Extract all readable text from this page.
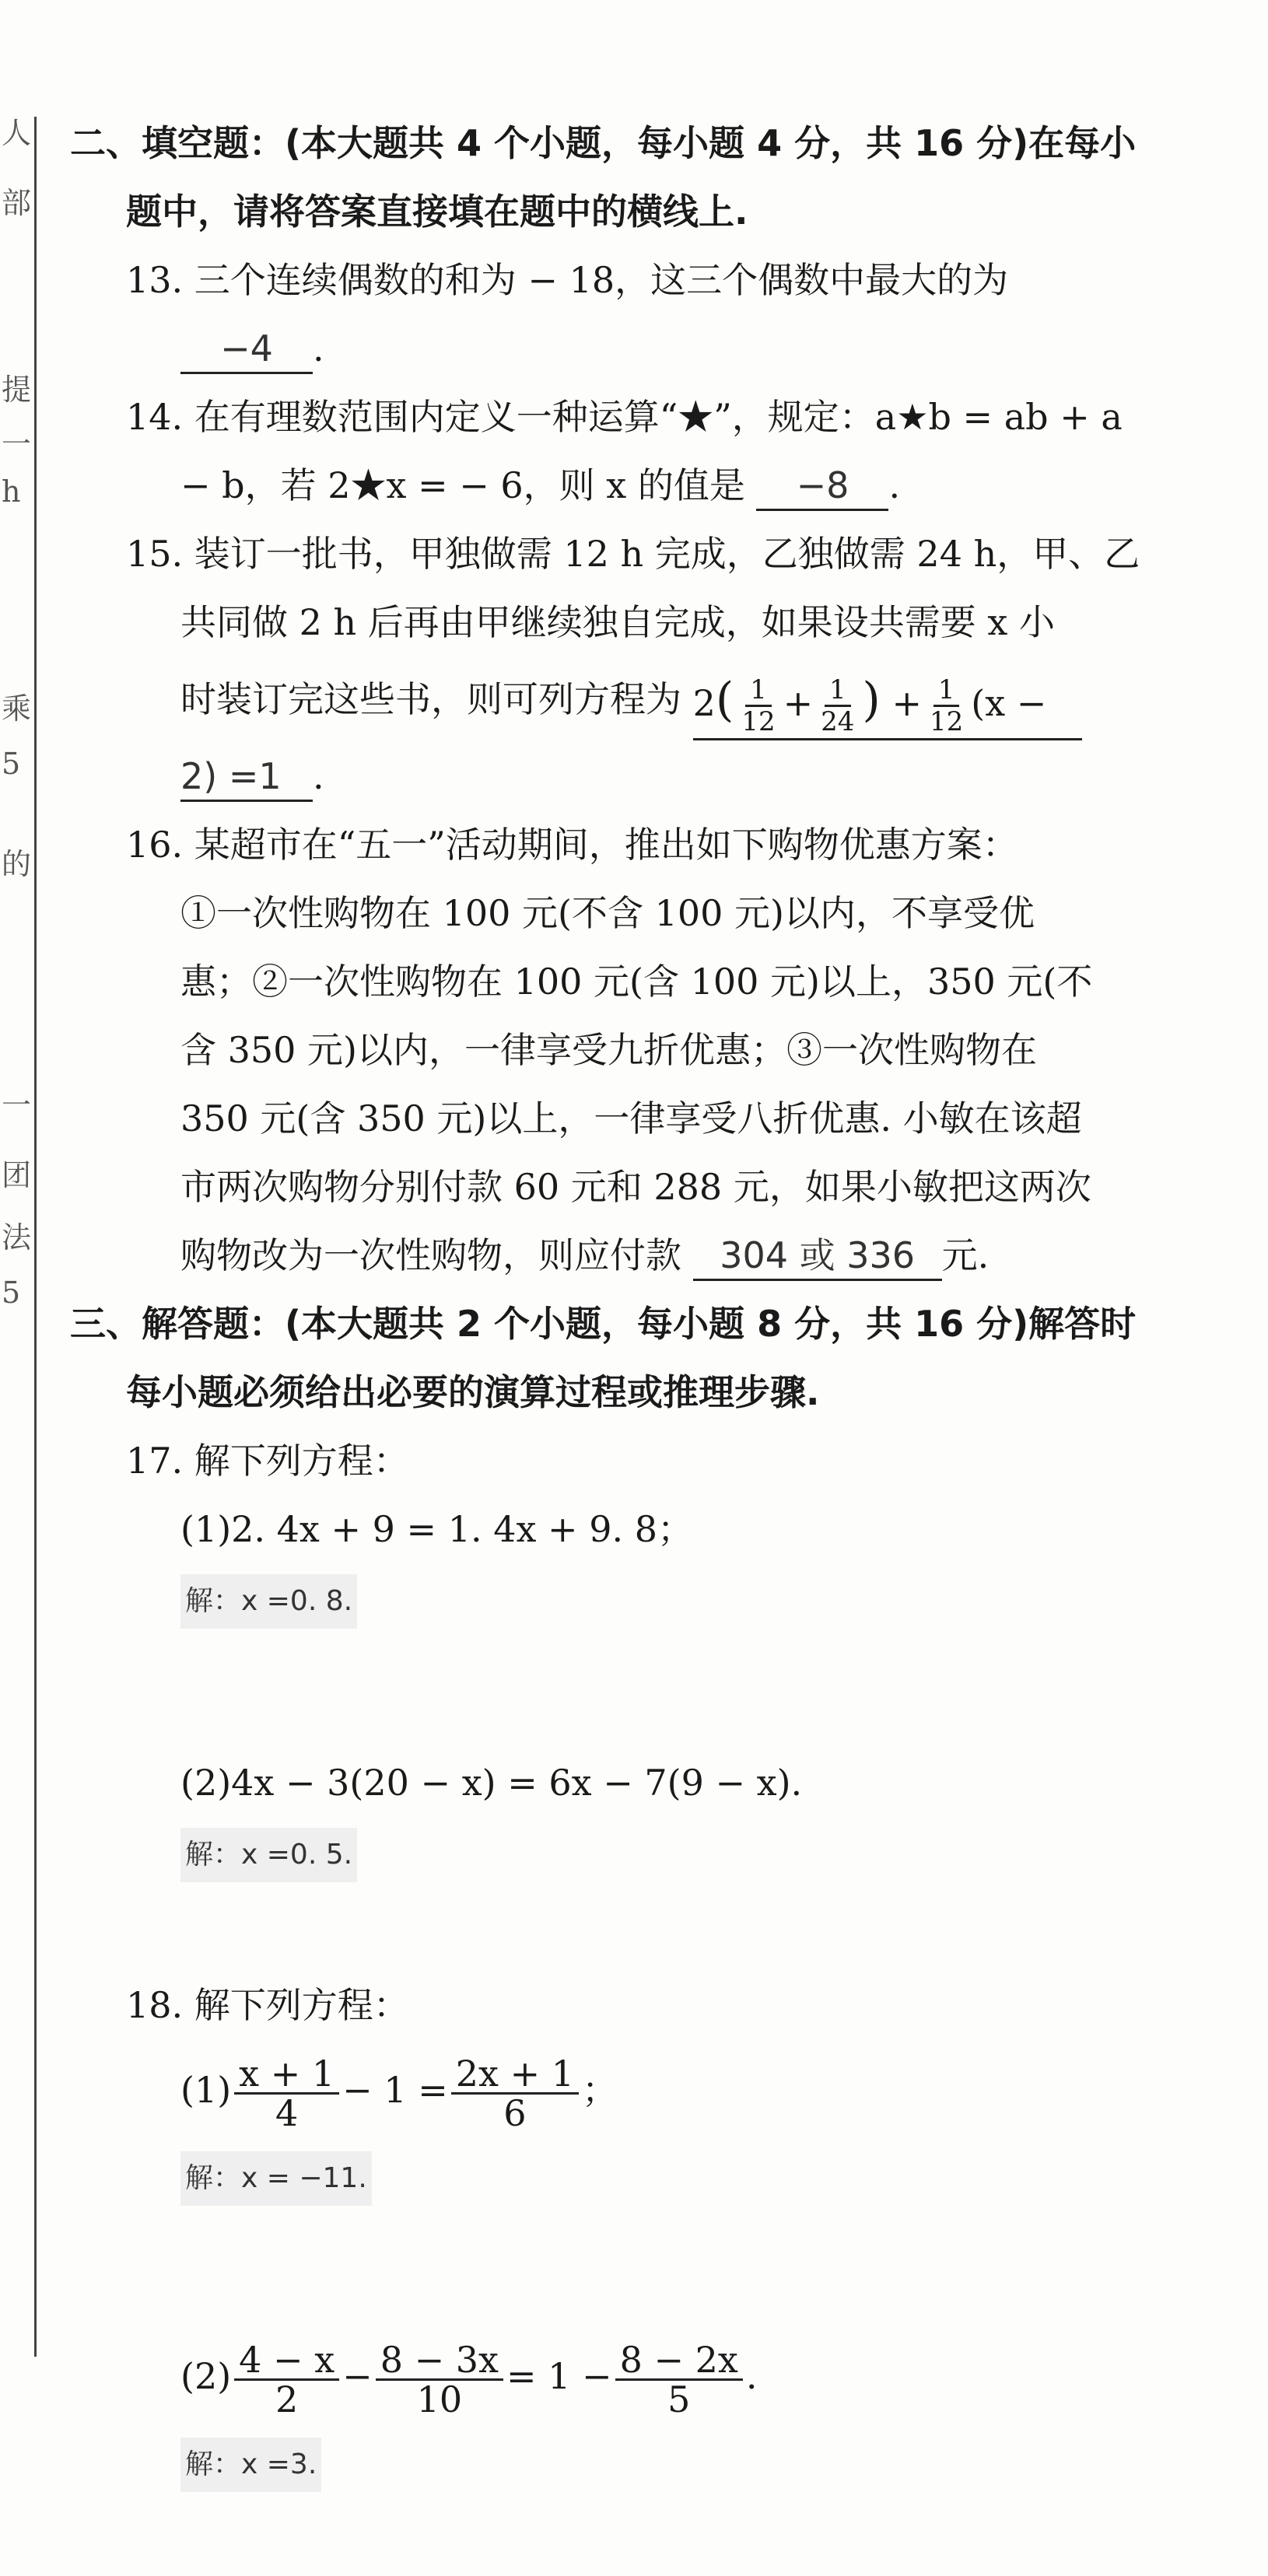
人
部
提
一
h
乘
5
的
一
团
法
5
二、填空题：(本大题共 4 个小题，每小题 4 分，共 16 分)在每小
题中，请将答案直接填在题中的横线上.
13. 三个连续偶数的和为 − 18，这三个偶数中最大的为
−4 .
14. 在有理数范围内定义一种运算“★”，规定：a★b = ab + a
− b，若 2★x = − 6，则 x 的值是 −8 .
15. 装订一批书，甲独做需 12 h 完成，乙独做需 24 h，甲、乙
共同做 2 h 后再由甲继续独自完成，如果设共需要 x 小
时装订完这些书，则可列方程为 $2( \frac{1}{12} + \frac{1}{24}$ ) + $\frac{1}{12} (x$ −
2) =1 .
16. 某超市在“五一”活动期间，推出如下购物优惠方案：
①一次性购物在 100 元(不含 100 元)以内，不享受优
惠；②一次性购物在 100 元(含 100 元)以上，350 元(不
含 350 元)以内，一律享受九折优惠；③一次性购物在
350 元(含 350 元)以上，一律享受八折优惠. 小敏在该超
市两次购物分别付款 60 元和 288 元，如果小敏把这两次
购物改为一次性购物，则应付款 304 或 336 元.
三、解答题：(本大题共 2 个小题，每小题 8 分，共 16 分)解答时
每小题必须给出必要的演算过程或推理步骤.
17. 解下列方程：
(1)2. 4x + 9 = 1. 4x + 9. 8；
解：x =0. 8.
(2)4x − 3(20 − x) = 6x − 7(9 − x).
解：x =0. 5.
18. 解下列方程：
$(1) \frac{x + 1}{4} - 1 = \frac{2x + 1}{6}$ ；
解：x = −11.
$(2) \frac{4 - x}{2} - \frac{8 - 3x}{10} = 1 - \frac{8 - 2x}{5}$ .
解：x =3.
